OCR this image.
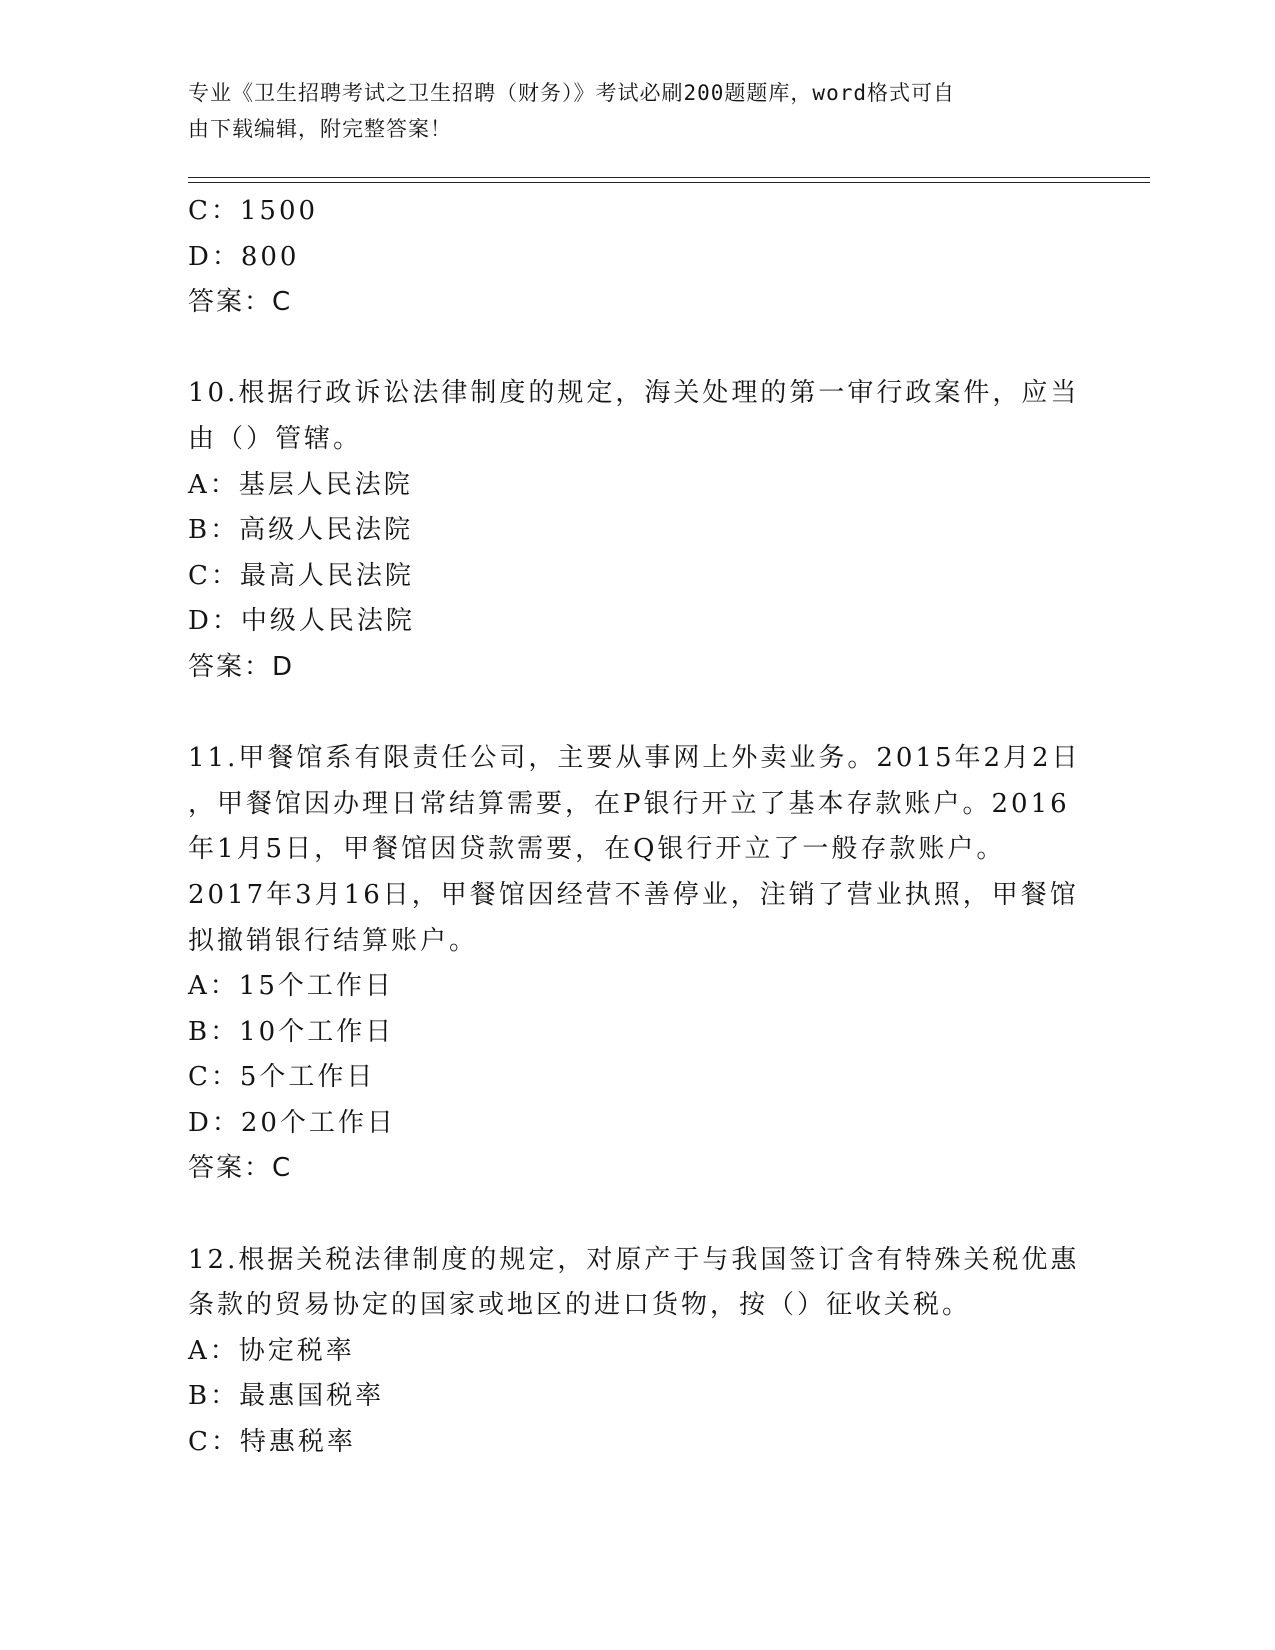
专业《卫生招聘考试之卫生招聘（财务）》考试必刷200题题库，word格式可自
由下载编辑，附完整答案！
C：1500
D：800
答案：C
10.根据行政诉讼法律制度的规定，海关处理的第一审行政案件，应当
由（）管辖。
A：基层人民法院
B：高级人民法院
C：最高人民法院
D：中级人民法院
答案：D
11.甲餐馆系有限责任公司，主要从事网上外卖业务。2015年2月2日
，甲餐馆因办理日常结算需要，在P银行开立了基本存款账户。2016
年1月5日，甲餐馆因贷款需要，在Q银行开立了一般存款账户。
2017年3月16日，甲餐馆因经营不善停业，注销了营业执照，甲餐馆
拟撤销银行结算账户。
A：15个工作日
B：10个工作日
C：5个工作日
D：20个工作日
答案：C
12.根据关税法律制度的规定，对原产于与我国签订含有特殊关税优惠
条款的贸易协定的国家或地区的进口货物，按（）征收关税。
A：协定税率
B：最惠国税率
C：特惠税率
